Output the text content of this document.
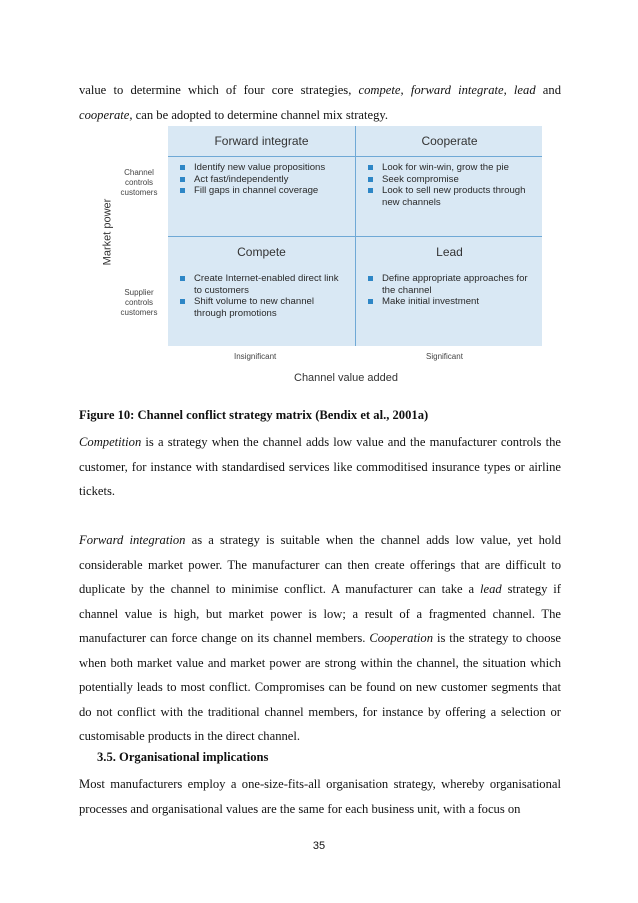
value to determine which of four core strategies, compete, forward integrate, lead and cooperate, can be adopted to determine channel mix strategy.

Market power
Channel controls customers
Supplier controls customers
Forward integrate
Identify new value propositions
Act fast/independently
Fill gaps in channel coverage
Cooperate
Look for win-win, grow the pie
Seek compromise
Look to sell new products through new channels
Compete
Create Internet-enabled direct link to customers
Shift volume to new channel through promotions
Lead
Define appropriate approaches for the channel
Make initial investment
Insignificant	Significant
Channel value added
Figure 10: Channel conflict strategy matrix (Bendix et al., 2001a)

Competition is a strategy when the channel adds low value and the manufacturer controls the customer, for instance with standardised services like commoditised insurance types or airline tickets.

Forward integration as a strategy is suitable when the channel adds low value, yet hold considerable market power. The manufacturer can then create offerings that are difficult to duplicate by the channel to minimise conflict. A manufacturer can take a lead strategy if channel value is high, but market power is low; a result of a fragmented channel. The manufacturer can force change on its channel members. Cooperation is the strategy to choose when both market value and market power are strong within the channel, the situation which potentially leads to most conflict. Compromises can be found on new customer segments that do not conflict with the traditional channel members, for instance by offering a selection or customisable products in the direct channel.

3.5. Organisational implications

Most manufacturers employ a one-size-fits-all organisation strategy, whereby organisational processes and organisational values are the same for each business unit, with a focus on

35
